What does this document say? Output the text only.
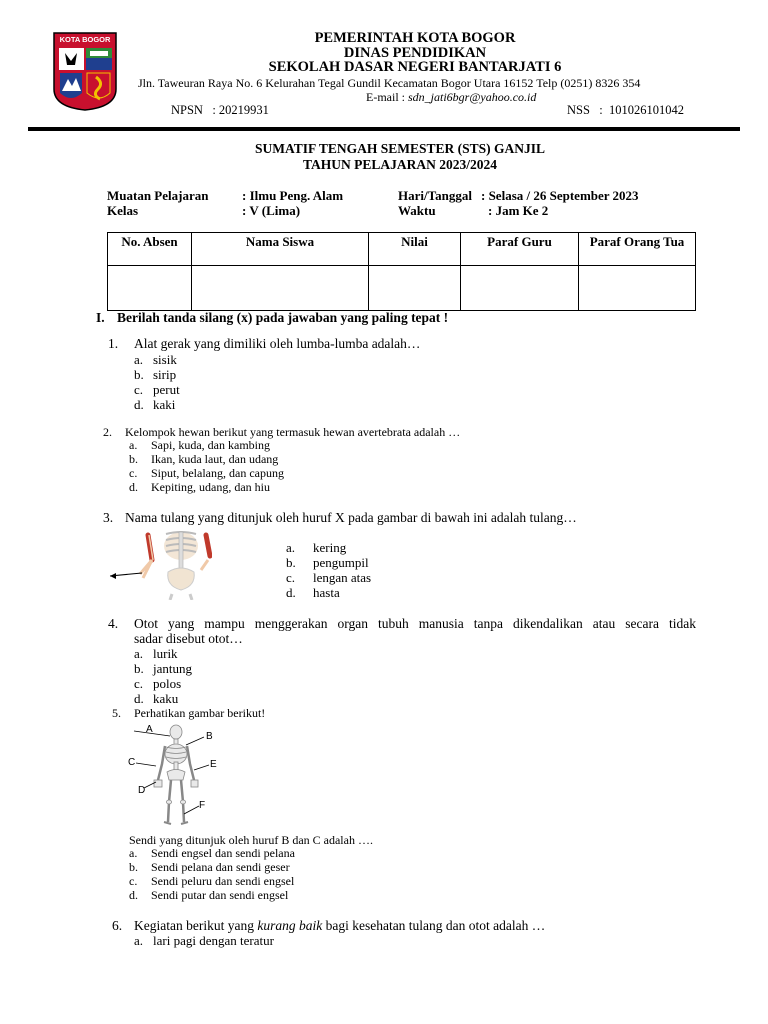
KOTA BOGOR	PEMERINTAH KOTA BOGOR
DINAS PENDIDIKAN
SEKOLAH DASAR NEGERI BANTARJATI 6
Jln. Taweuran Raya No. 6 Kelurahan Tegal Gundil Kecamatan Bogor Utara 16152 Telp (0251) 8326 354
E-mail : sdn_jati6bgr@yahoo.co.id
NPSN   : 20219931	NSS   :  101026101042
SUMATIF TENGAH SEMESTER (STS) GANJIL
TAHUN PELAJARAN 2023/2024
Muatan Pelajaran	: Ilmu Peng. Alam
Kelas	: V (Lima)
Hari/Tanggal : Selasa / 26 September 2023
Waktu	: Jam Ke 2
No. Absen	Nama Siswa	Nilai	Paraf Guru	Paraf Orang Tua

I. Berilah tanda silang (x) pada jawaban yang paling tepat !
1. Alat gerak yang dimiliki oleh lumba-lumba adalah…
a. sisik
b. sirip
c. perut
d. kaki
2. Kelompok hewan berikut yang termasuk hewan avertebrata adalah …
a. Sapi, kuda, dan kambing
b. Ikan, kuda laut, dan udang
c. Siput, belalang, dan capung
d. Kepiting, udang, dan hiu
3. Nama tulang yang ditunjuk oleh huruf X pada gambar di bawah ini adalah tulang…
a. kering
b. pengumpil
c. lengan atas
d. hasta
4. Otot yang mampu menggerakan organ tubuh manusia tanpa dikendalikan atau secara tidak
sadar disebut otot…
a. lurik
b. jantung
c. polos
d. kaku
5. Perhatikan gambar berikut!
A
B
C
D
E
F
Sendi yang ditunjuk oleh huruf B dan C adalah ….
a. Sendi engsel dan sendi pelana
b. Sendi pelana dan sendi geser
c. Sendi peluru dan sendi engsel
d. Sendi putar dan sendi engsel
6. Kegiatan berikut yang kurang baik bagi kesehatan tulang dan otot adalah …
a. lari pagi dengan teratur
